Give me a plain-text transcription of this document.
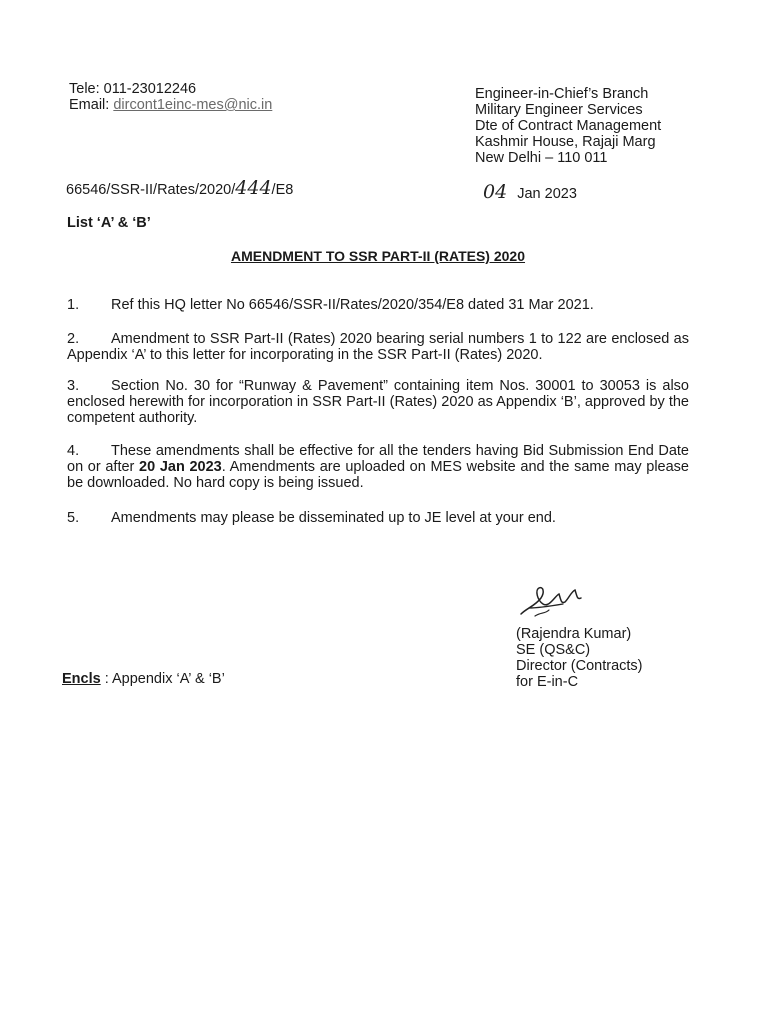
Tele: 011-23012246
Email: dircont1einc-mes@nic.in
Engineer-in-Chief’s Branch
Military Engineer Services
Dte of Contract Management
Kashmir House, Rajaji Marg
New Delhi – 110 011
66546/SSR-II/Rates/2020/444/E8	04 Jan 2023
List ‘A’ & ‘B’
AMENDMENT TO SSR PART-II (RATES) 2020
1.	Ref this HQ letter No 66546/SSR-II/Rates/2020/354/E8 dated 31 Mar 2021.
2.	Amendment to SSR Part-II (Rates) 2020 bearing serial numbers 1 to 122 are enclosed as Appendix ‘A’ to this letter for incorporating in the SSR Part-II (Rates) 2020.
3.	Section No. 30 for “Runway & Pavement” containing item Nos. 30001 to 30053 is also enclosed herewith for incorporation in SSR Part-II (Rates) 2020 as Appendix ‘B’, approved by the competent authority.
4.	These amendments shall be effective for all the tenders having Bid Submission End Date on or after 20 Jan 2023. Amendments are uploaded on MES website and the same may please be downloaded. No hard copy is being issued.
5.	Amendments may please be disseminated up to JE level at your end.
(Rajendra Kumar)
SE (QS&C)
Director (Contracts)
for E-in-C
Encls : Appendix ‘A’ & ‘B’
